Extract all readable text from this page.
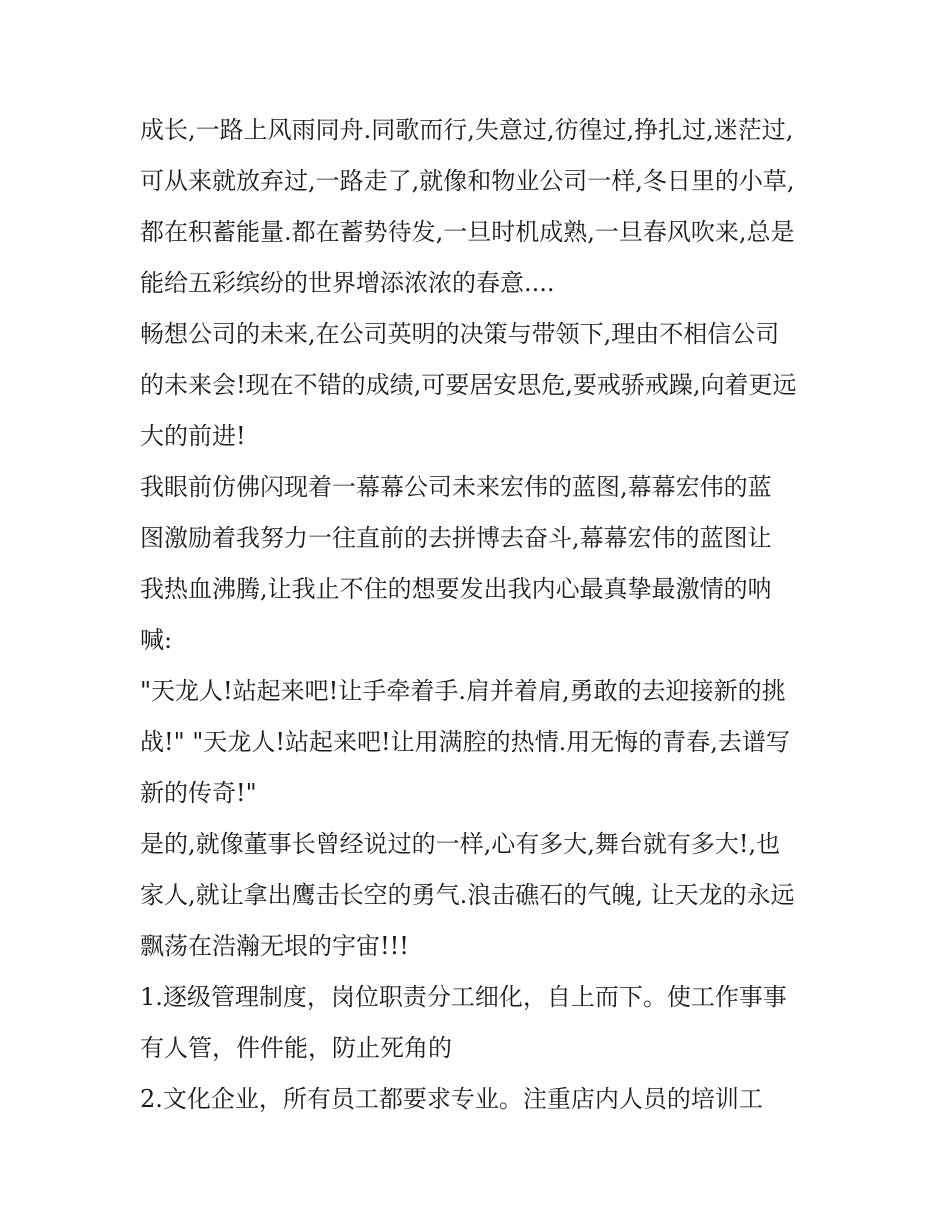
成长,一路上风雨同舟.同歌而行,失意过,彷徨过,挣扎过,迷茫过,
可从来就放弃过,一路走了,就像和物业公司一样,冬日里的小草,
都在积蓄能量.都在蓄势待发,一旦时机成熟,一旦春风吹来,总是
能给五彩缤纷的世界增添浓浓的春意....

畅想公司的未来,在公司英明的决策与带领下,理由不相信公司
的未来会!现在不错的成绩,可要居安思危,要戒骄戒躁,向着更远
大的前进!

我眼前仿佛闪现着一幕幕公司未来宏伟的蓝图,幕幕宏伟的蓝
图激励着我努力一往直前的去拼博去奋斗,幕幕宏伟的蓝图让
我热血沸腾,让我止不住的想要发出我内心最真挚最激情的呐
喊:

"天龙人!站起来吧!让手牵着手.肩并着肩,勇敢的去迎接新的挑
战!" "天龙人!站起来吧!让用满腔的热情.用无悔的青春,去谱写
新的传奇!"

是的,就像董事长曾经说过的一样,心有多大,舞台就有多大!,也
家人,就让拿出鹰击长空的勇气.浪击礁石的气魄, 让天龙的永远
飘荡在浩瀚无垠的宇宙!!!

1.逐级管理制度，岗位职责分工细化，自上而下。使工作事事
有人管，件件能，防止死角的

2.文化企业，所有员工都要求专业。注重店内人员的培训工
